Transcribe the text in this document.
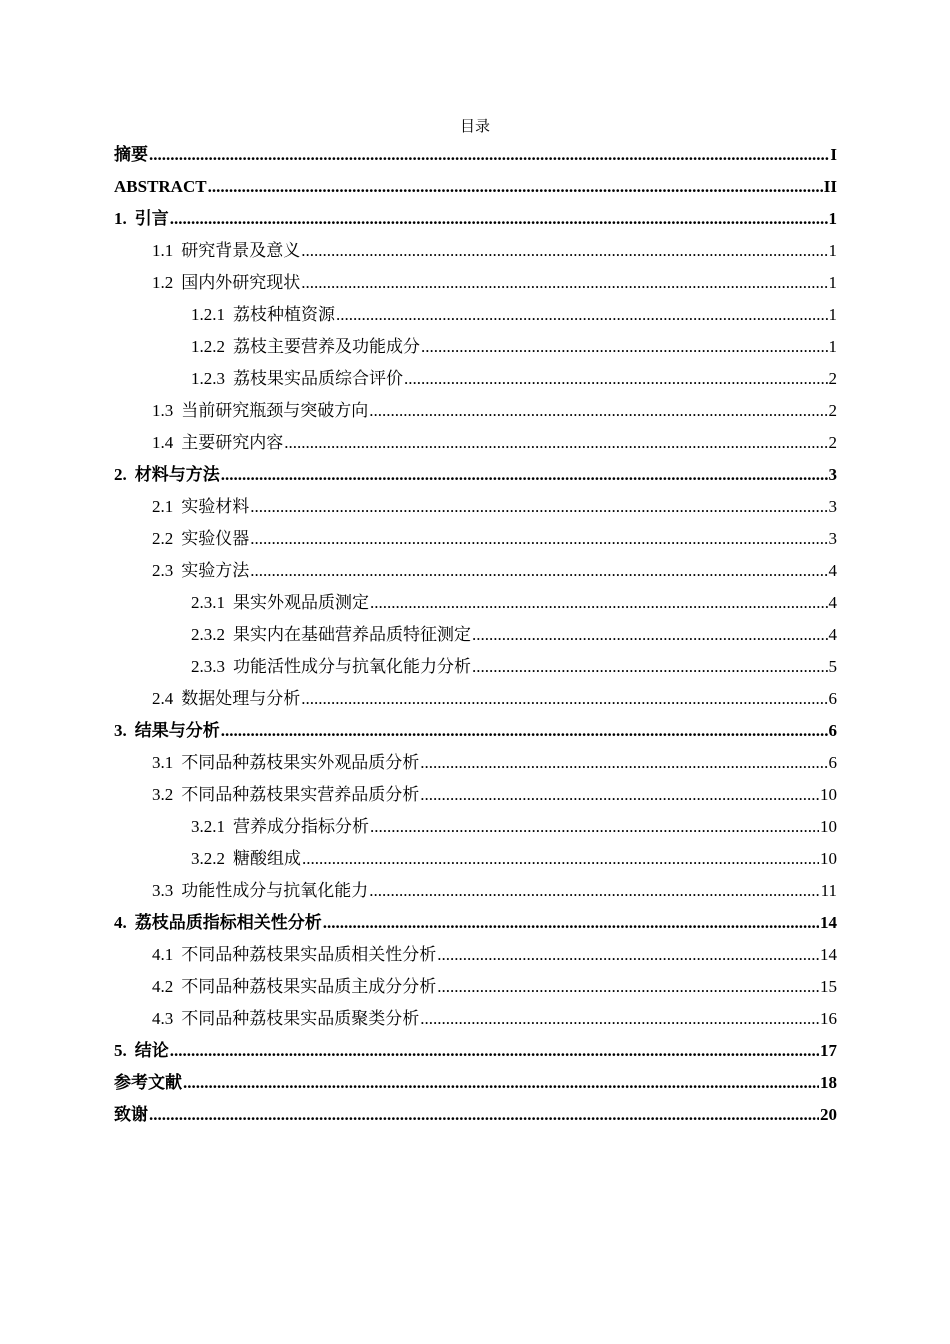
目录
摘要 .....	I
ABSTRACT .....	II
1. 引言 .....	1
1.1 研究背景及意义 .....	1
1.2 国内外研究现状 .....	1
1.2.1 荔枝种植资源 .....	1
1.2.2 荔枝主要营养及功能成分 .....	1
1.2.3 荔枝果实品质综合评价 .....	2
1.3 当前研究瓶颈与突破方向 .....	2
1.4 主要研究内容 .....	2
2. 材料与方法 .....	3
2.1 实验材料 .....	3
2.2 实验仪器 .....	3
2.3 实验方法 .....	4
2.3.1 果实外观品质测定 .....	4
2.3.2 果实内在基础营养品质特征测定 .....	4
2.3.3 功能活性成分与抗氧化能力分析 .....	5
2.4 数据处理与分析 .....	6
3. 结果与分析 .....	6
3.1 不同品种荔枝果实外观品质分析 .....	6
3.2 不同品种荔枝果实营养品质分析 .....	10
3.2.1 营养成分指标分析 .....	10
3.2.2 糖酸组成 .....	10
3.3 功能性成分与抗氧化能力 .....	11
4. 荔枝品质指标相关性分析 .....	14
4.1 不同品种荔枝果实品质相关性分析 .....	14
4.2 不同品种荔枝果实品质主成分分析 .....	15
4.3 不同品种荔枝果实品质聚类分析 .....	16
5. 结论 .....	17
参考文献 .....	18
致谢 .....	20
